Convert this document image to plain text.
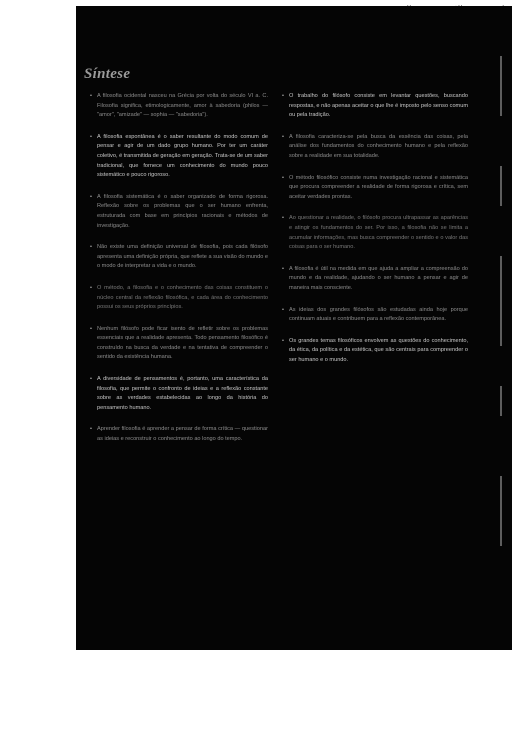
Síntese

• A filosofia ocidental nasceu na Grécia por volta do século VI a. C. Filosofia significa, etimologicamente, amor à sabedoria (philos — "amor", "amizade" — sophia — "sabedoria").

• A filosofia espontânea é o saber resultante do modo comum de pensar e agir de um dado grupo humano. Por ter um caráter coletivo, é transmitida de geração em geração. Trata-se de um saber tradicional, que fornece um conhecimento do mundo pouco sistemático e pouco rigoroso.

• A filosofia sistemática é o saber organizado de forma rigorosa. Reflexão sobre os problemas que o ser humano enfrenta, estruturada com base em princípios racionais e métodos de investigação.

• Não existe uma definição universal de filosofia, pois cada filósofo apresenta uma definição própria, que reflete a sua visão do mundo e o modo de interpretar a vida e o mundo.

• O método, a filosofia e o conhecimento das coisas constituem o núcleo central da reflexão filosófica, e cada área do conhecimento possui os seus próprios princípios.

• Nenhum filósofo pode ficar isento de refletir sobre os problemas essenciais que a realidade apresenta. Todo pensamento filosófico é construído na busca da verdade e na tentativa de compreender o sentido da existência humana.

• A diversidade de pensamentos é, portanto, uma característica da filosofia, que permite o confronto de ideias e a reflexão constante sobre as verdades estabelecidas ao longo da história do pensamento humano.

• Aprender filosofia é aprender a pensar de forma crítica — questionar as ideias e reconstruir o conhecimento ao longo do tempo.

• O trabalho do filósofo consiste em levantar questões, buscando respostas, e não apenas aceitar o que lhe é imposto pelo senso comum ou pela tradição.

• A filosofia caracteriza-se pela busca da essência das coisas, pela análise dos fundamentos do conhecimento humano e pela reflexão sobre a realidade em sua totalidade.

• O método filosófico consiste numa investigação racional e sistemática que procura compreender a realidade de forma rigorosa e crítica, sem aceitar verdades prontas.

• Ao questionar a realidade, o filósofo procura ultrapassar as aparências e atingir os fundamentos do ser. Por isso, a filosofia não se limita a acumular informações, mas busca compreender o sentido e o valor das coisas para o ser humano.

• A filosofia é útil na medida em que ajuda a ampliar a compreensão do mundo e da realidade, ajudando o ser humano a pensar e agir de maneira mais consciente.

• As ideias dos grandes filósofos são estudadas ainda hoje porque continuam atuais e contribuem para a reflexão contemporânea.

• Os grandes temas filosóficos envolvem as questões do conhecimento, da ética, da política e da estética, que são centrais para compreender o ser humano e o mundo.
